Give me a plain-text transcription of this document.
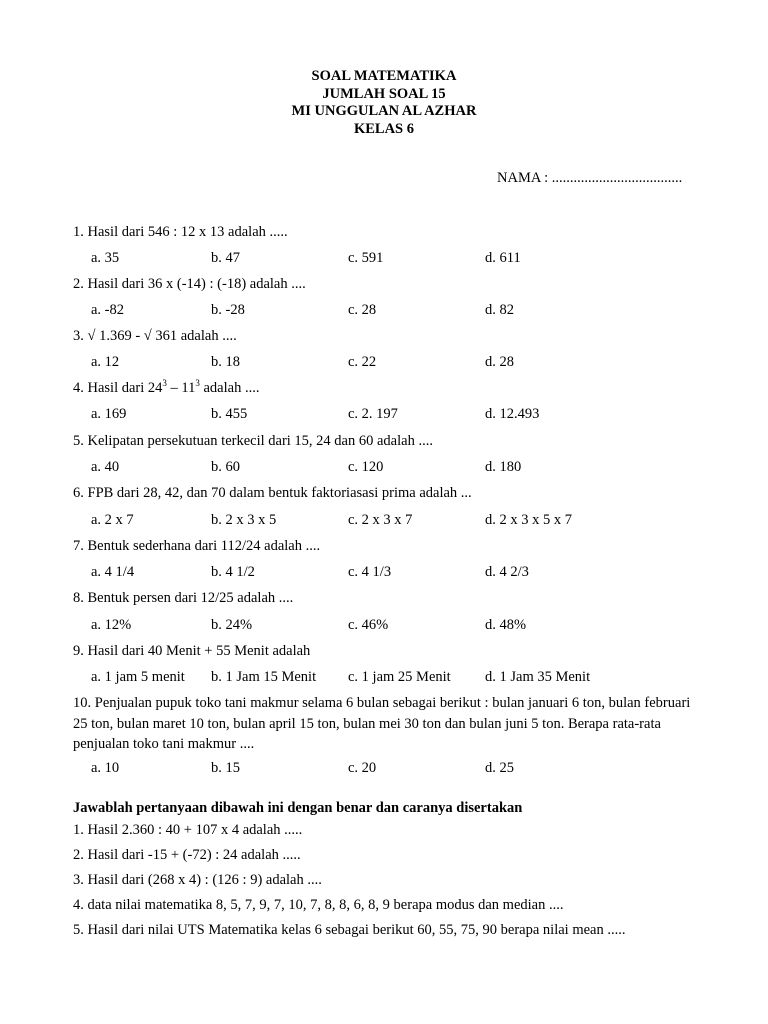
SOAL MATEMATIKA
JUMLAH SOAL 15
MI UNGGULAN AL AZHAR
KELAS 6
NAMA : ....................................
1. Hasil dari 546 : 12 x 13 adalah .....
a. 35	b. 47	c. 591	d. 611
2. Hasil dari 36 x (-14) : (-18) adalah ....
a. -82	b. -28	c. 28	d. 82
3. √ 1.369 - √ 361 adalah ....
a. 12	b. 18	c. 22	d. 28
4. Hasil dari $24^3 - 11^3$ adalah ....
a. 169	b. 455	c. 2. 197	d. 12.493
5. Kelipatan persekutuan terkecil dari 15, 24 dan 60 adalah ....
a. 40	b. 60	c. 120	d. 180
6. FPB dari 28, 42, dan 70 dalam bentuk faktoriasasi prima adalah ...
a. 2 x 7	b. 2 x 3 x 5	c. 2 x 3 x 7	d. 2 x 3 x 5 x 7
7. Bentuk sederhana dari 112/24 adalah ....
a. 4 1/4	b. 4 1/2	c. 4 1/3	d. 4 2/3
8. Bentuk persen dari 12/25 adalah ....
a. 12%	b. 24%	c. 46%	d. 48%
9. Hasil dari 40 Menit + 55 Menit adalah
a. 1 jam 5 menit b. 1 Jam 15 Menit c. 1 jam 25 Menit d. 1 Jam 35 Menit
10. Penjualan pupuk toko tani makmur selama 6 bulan sebagai berikut : bulan januari 6 ton, bulan februari 25 ton, bulan maret 10 ton, bulan april 15 ton, bulan mei 30 ton dan bulan juni 5 ton. Berapa rata-rata penjualan toko tani makmur ....
a. 10	b. 15	c. 20	d. 25
Jawablah pertanyaan dibawah ini dengan benar dan caranya disertakan
1. Hasil 2.360 : 40 + 107 x 4 adalah .....
2. Hasil dari -15 + (-72) : 24 adalah .....
3. Hasil dari (268 x 4) : (126 : 9) adalah ....
4. data nilai matematika 8, 5, 7, 9, 7, 10, 7, 8, 8, 6, 8, 9 berapa modus dan median ....
5. Hasil dari nilai UTS Matematika kelas 6 sebagai berikut 60, 55, 75, 90 berapa nilai mean .....
